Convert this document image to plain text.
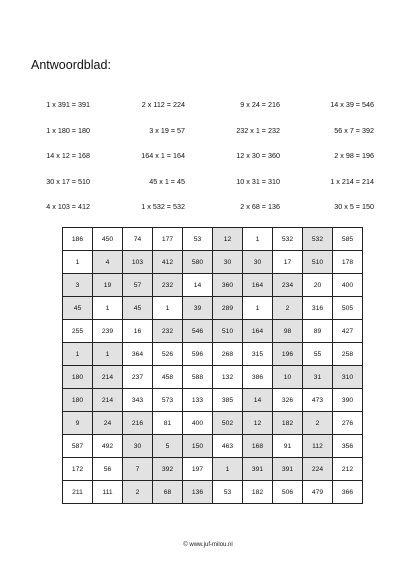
Antwoordblad:
1 x 391 = 391	2 x 112 = 224	9 x 24 = 216	14 x 39 = 546
1 x 180 = 180	3 x 19 = 57	232 x 1 = 232	56 x 7 = 392
14 x 12 = 168	164 x 1 = 164	12 x 30 = 360	2 x 98 = 196
30 x 17 = 510	45 x 1 = 45	10 x 31 = 310	1 x 214 = 214
4 x 103 = 412	1 x 532 = 532	2 x 68 = 136	30 x 5 = 150
186	450	74	177	53	12	1	532	532	585
1	4	103	412	580	30	30	17	510	178
3	19	57	232	14	360	164	234	20	400
45	1	45	1	39	289	1	2	316	505
255	239	16	232	546	510	164	98	89	427
1	1	364	526	596	268	315	196	55	258
180	214	237	458	588	132	386	10	31	310
180	214	343	573	133	385	14	326	473	390
9	24	216	81	400	502	12	182	2	276
587	492	30	5	150	463	168	91	112	356
172	56	7	392	197	1	391	391	224	212
211	111	2	68	136	53	182	506	479	366
© www.juf-milou.nl
